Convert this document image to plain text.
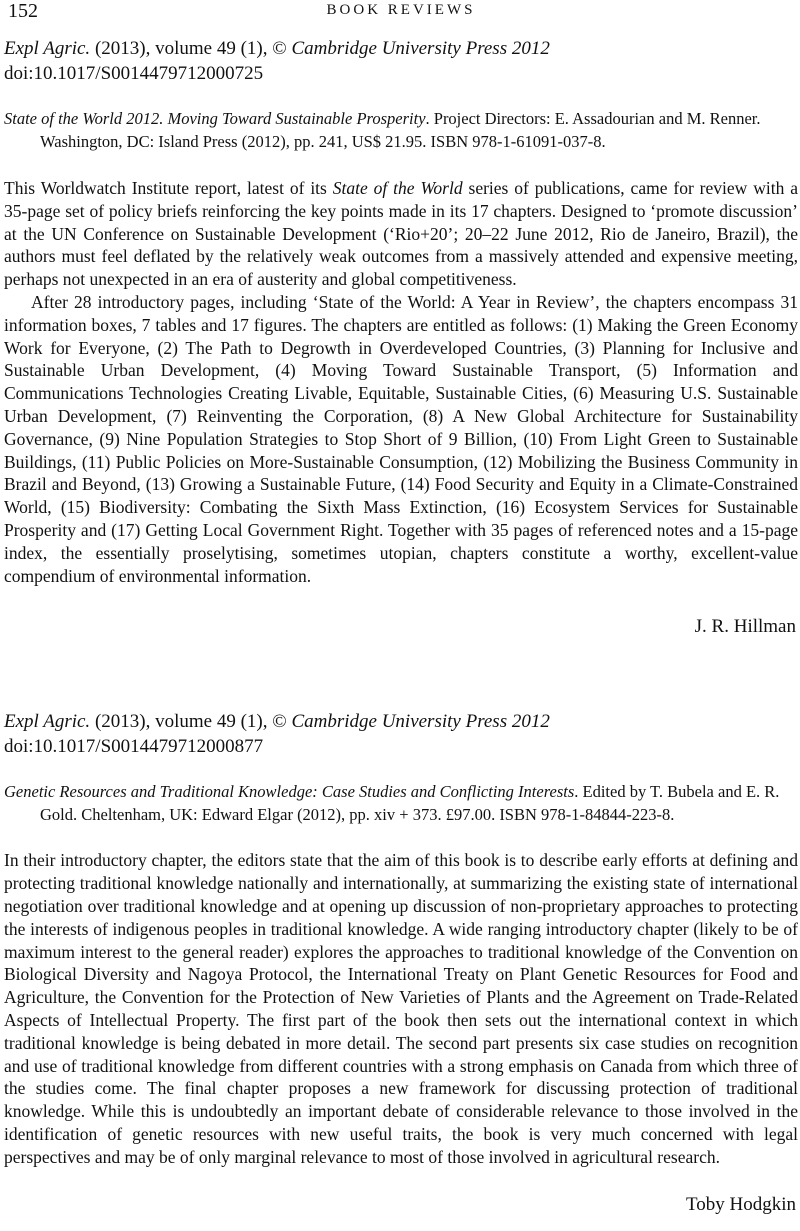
152	BOOK REVIEWS
Expl Agric. (2013), volume 49 (1), © Cambridge University Press 2012
doi:10.1017/S0014479712000725
State of the World 2012. Moving Toward Sustainable Prosperity. Project Directors: E. Assadourian and M. Renner. Washington, DC: Island Press (2012), pp. 241, US$ 21.95. ISBN 978-1-61091-037-8.

This Worldwatch Institute report, latest of its State of the World series of publications, came for review with a 35-page set of policy briefs reinforcing the key points made in its 17 chapters. Designed to ‘promote discussion’ at the UN Conference on Sustainable Development (‘Rio+20’; 20–22 June 2012, Rio de Janeiro, Brazil), the authors must feel deflated by the relatively weak outcomes from a massively attended and expensive meeting, perhaps not unexpected in an era of austerity and global competitiveness.

After 28 introductory pages, including ‘State of the World: A Year in Review’, the chapters encompass 31 information boxes, 7 tables and 17 figures. The chapters are entitled as follows: (1) Making the Green Economy Work for Everyone, (2) The Path to Degrowth in Overdeveloped Countries, (3) Planning for Inclusive and Sustainable Urban Development, (4) Moving Toward Sustainable Transport, (5) Information and Communications Technologies Creating Livable, Equitable, Sustainable Cities, (6) Measuring U.S. Sustainable Urban Development, (7) Reinventing the Corporation, (8) A New Global Architecture for Sustainability Governance, (9) Nine Population Strategies to Stop Short of 9 Billion, (10) From Light Green to Sustainable Buildings, (11) Public Policies on More-Sustainable Consumption, (12) Mobilizing the Business Community in Brazil and Beyond, (13) Growing a Sustainable Future, (14) Food Security and Equity in a Climate-Constrained World, (15) Biodiversity: Combating the Sixth Mass Extinction, (16) Ecosystem Services for Sustainable Prosperity and (17) Getting Local Government Right. Together with 35 pages of referenced notes and a 15-page index, the essentially proselytising, sometimes utopian, chapters constitute a worthy, excellent-value compendium of environmental information.

J. R. Hillman
Expl Agric. (2013), volume 49 (1), © Cambridge University Press 2012
doi:10.1017/S0014479712000877
Genetic Resources and Traditional Knowledge: Case Studies and Conflicting Interests. Edited by T. Bubela and E. R. Gold. Cheltenham, UK: Edward Elgar (2012), pp. xiv + 373. £97.00. ISBN 978-1-84844-223-8.

In their introductory chapter, the editors state that the aim of this book is to describe early efforts at defining and protecting traditional knowledge nationally and internationally, at summarizing the existing state of international negotiation over traditional knowledge and at opening up discussion of non-proprietary approaches to protecting the interests of indigenous peoples in traditional knowledge. A wide ranging introductory chapter (likely to be of maximum interest to the general reader) explores the approaches to traditional knowledge of the Convention on Biological Diversity and Nagoya Protocol, the International Treaty on Plant Genetic Resources for Food and Agriculture, the Convention for the Protection of New Varieties of Plants and the Agreement on Trade-Related Aspects of Intellectual Property. The first part of the book then sets out the international context in which traditional knowledge is being debated in more detail. The second part presents six case studies on recognition and use of traditional knowledge from different countries with a strong emphasis on Canada from which three of the studies come. The final chapter proposes a new framework for discussing protection of traditional knowledge. While this is undoubtedly an important debate of considerable relevance to those involved in the identification of genetic resources with new useful traits, the book is very much concerned with legal perspectives and may be of only marginal relevance to most of those involved in agricultural research.

Toby Hodgkin
